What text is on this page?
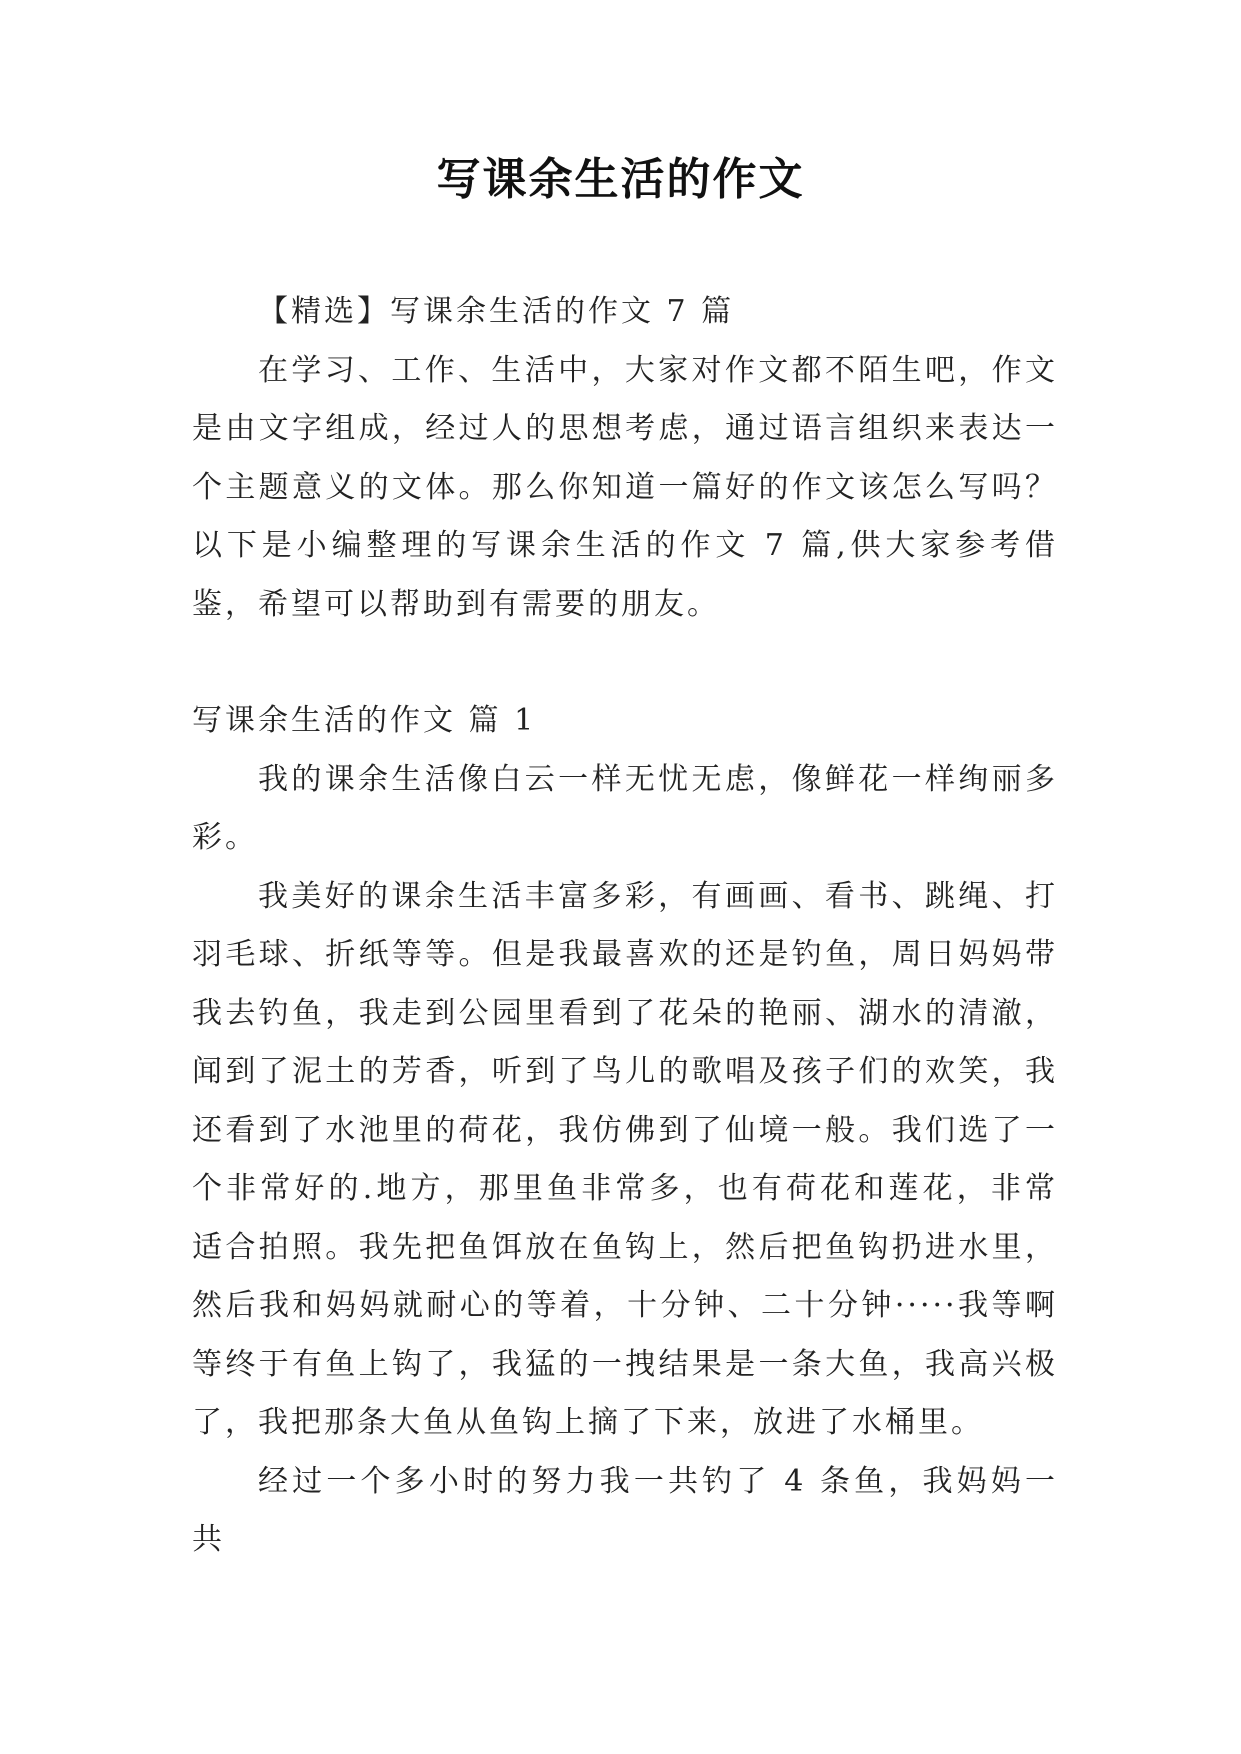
写课余生活的作文

【精选】写课余生活的作文 7 篇

在学习、工作、生活中，大家对作文都不陌生吧，作文是由文字组成，经过人的思想考虑，通过语言组织来表达一个主题意义的文体。那么你知道一篇好的作文该怎么写吗？以下是小编整理的写课余生活的作文 7 篇,供大家参考借鉴，希望可以帮助到有需要的朋友。

写课余生活的作文 篇 1

我的课余生活像白云一样无忧无虑，像鲜花一样绚丽多彩。

我美好的课余生活丰富多彩，有画画、看书、跳绳、打羽毛球、折纸等等。但是我最喜欢的还是钓鱼，周日妈妈带我去钓鱼，我走到公园里看到了花朵的艳丽、湖水的清澈，闻到了泥土的芳香，听到了鸟儿的歌唱及孩子们的欢笑，我还看到了水池里的荷花，我仿佛到了仙境一般。我们选了一个非常好的.地方，那里鱼非常多，也有荷花和莲花，非常适合拍照。我先把鱼饵放在鱼钩上，然后把鱼钩扔进水里，然后我和妈妈就耐心的等着，十分钟、二十分钟·····我等啊等终于有鱼上钩了，我猛的一拽结果是一条大鱼，我高兴极了，我把那条大鱼从鱼钩上摘了下来，放进了水桶里。

经过一个多小时的努力我一共钓了 4 条鱼，我妈妈一共
